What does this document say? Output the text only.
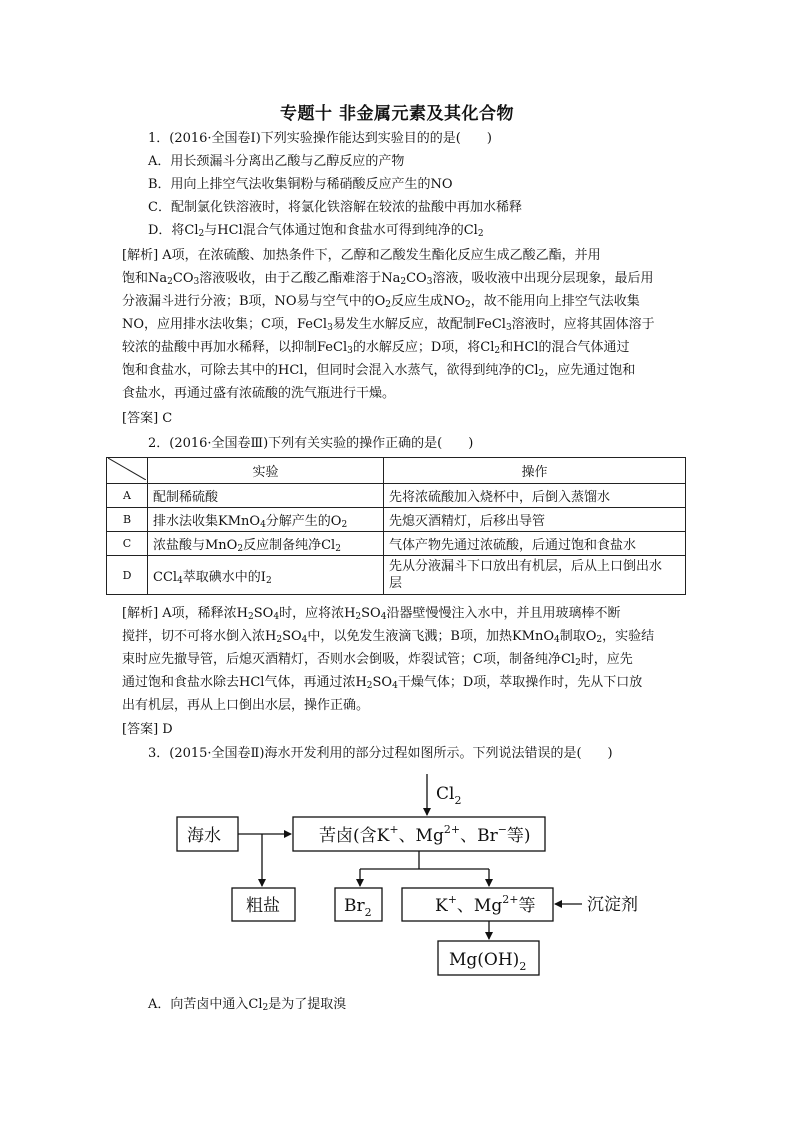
专题十 非金属元素及其化合物
1．(2016·全国卷Ⅰ)下列实验操作能达到实验目的的是(　　)
A．用长颈漏斗分离出乙酸与乙醇反应的产物
B．用向上排空气法收集铜粉与稀硝酸反应产生的NO
C．配制氯化铁溶液时，将氯化铁溶解在较浓的盐酸中再加水稀释
D．将$Cl_2$与HCl混合气体通过饱和食盐水可得到纯净的$Cl_2$
[解析] A项，在浓硫酸、加热条件下，乙醇和乙酸发生酯化反应生成乙酸乙酯，并用
饱和$Na_2CO_3$溶液吸收，由于乙酸乙酯难溶于$Na_2CO_3$溶液，吸收液中出现分层现象，最后用
分液漏斗进行分液；B项，NO易与空气中的$O_2$反应生成$NO_2$，故不能用向上排空气法收集
NO，应用排水法收集；C项，FeCl$_3$易发生水解反应，故配制FeCl$_3$溶液时，应将其固体溶于
较浓的盐酸中再加水稀释，以抑制FeCl$_3$的水解反应；D项，将$Cl_2$和HCl的混合气体通过
饱和食盐水，可除去其中的HCl，但同时会混入水蒸气，欲得到纯净的$Cl_2$，应先通过饱和
食盐水，再通过盛有浓硫酸的洗气瓶进行干燥。
[答案] C
2．(2016·全国卷Ⅲ)下列有关实验的操作正确的是(　　)
	实验	操作
A	配制稀硫酸	先将浓硫酸加入烧杯中，后倒入蒸馏水
B	排水法收集KMnO$_4$分解产生的$O_2$	先熄灭酒精灯，后移出导管
C	浓盐酸与MnO$_2$反应制备纯净$Cl_2$	气体产物先通过浓硫酸，后通过饱和食盐水
D	CCl$_4$萃取碘水中的$I_2$	先从分液漏斗下口放出有机层，后从上口倒出水
层
[解析] A项，稀释浓$H_2SO_4$时，应将浓$H_2SO_4$沿器壁慢慢注入水中，并且用玻璃棒不断
搅拌，切不可将水倒入浓$H_2SO_4$中，以免发生液滴飞溅；B项，加热KMnO$_4$制取$O_2$，实验结
束时应先撤导管，后熄灭酒精灯，否则水会倒吸，炸裂试管；C项，制备纯净$Cl_2$时，应先
通过饱和食盐水除去HCl气体，再通过浓$H_2SO_4$干燥气体；D项，萃取操作时，先从下口放
出有机层，再从上口倒出水层，操作正确。
[答案] D
3．(2015·全国卷Ⅱ)海水开发利用的部分过程如图所示。下列说法错误的是(　　)
$Cl_2$
海水	苦卤(含K+、$Mg^{2+}$、Br−等)
粗盐	$Br_2$	K+、$Mg^{2+}$等	沉淀剂
$Mg(OH)_2$
A．向苦卤中通入$Cl_2$是为了提取溴
